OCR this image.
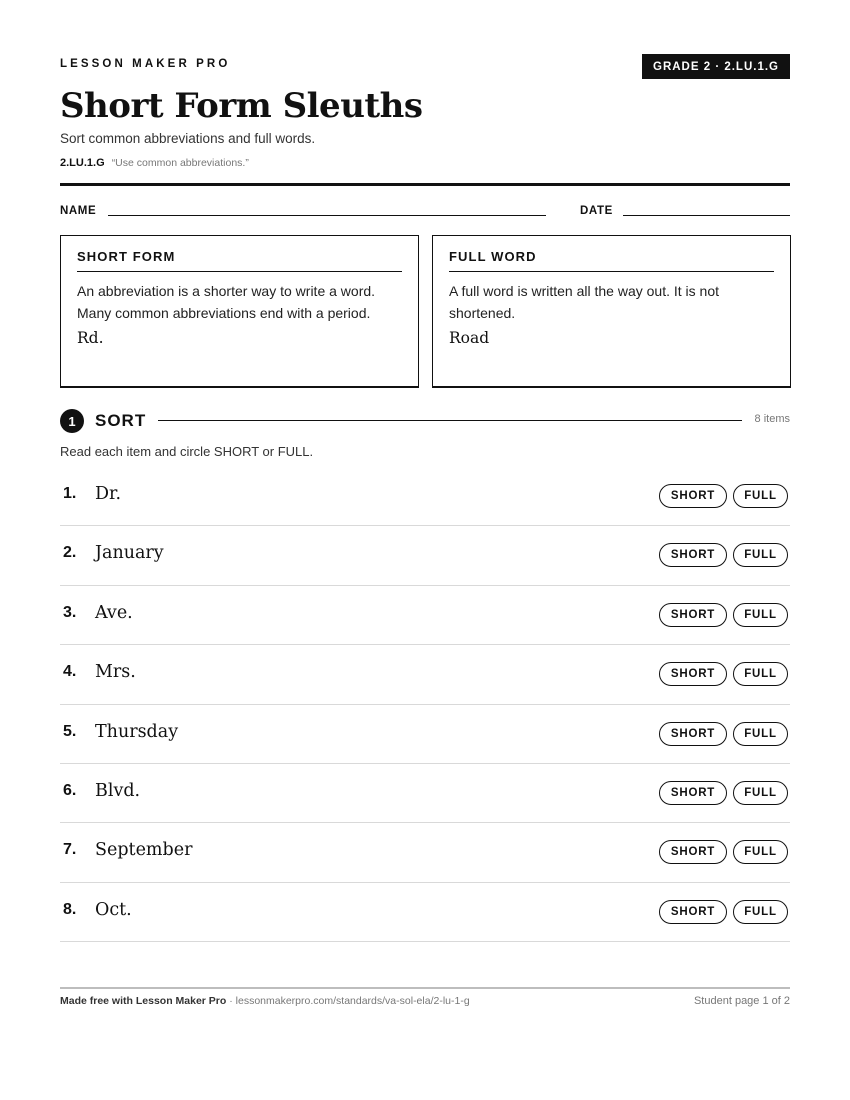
LESSON MAKER PRO	GRADE 2 · 2.LU.1.G
Short Form Sleuths
Sort common abbreviations and full words.
2.LU.1.G “Use common abbreviations.”
NAME	DATE
SHORT FORM
An abbreviation is a shorter way to write a word. Many common abbreviations end with a period.
Rd.
FULL WORD
A full word is written all the way out. It is not shortened.
Road
1	SORT	8 items
Read each item and circle SHORT or FULL.
1. Dr.	SHORT	FULL
2. January	SHORT	FULL
3. Ave.	SHORT	FULL
4. Mrs.	SHORT	FULL
5. Thursday	SHORT	FULL
6. Blvd.	SHORT	FULL
7. September	SHORT	FULL
8. Oct.	SHORT	FULL
Made free with Lesson Maker Pro · lessonmakerpro.com/standards/va-sol-ela/2-lu-1-g	Student page 1 of 2
